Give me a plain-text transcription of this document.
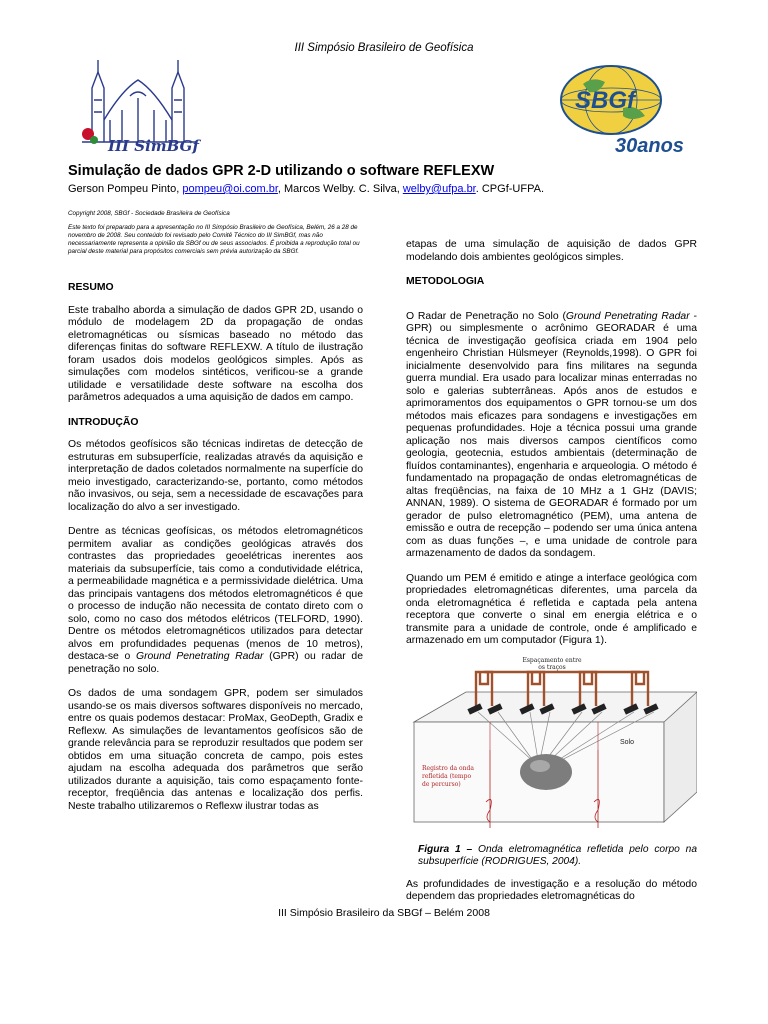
III Simpósio Brasileiro de Geofísica
III SimBGf
SBGf
30anos
Simulação de dados GPR 2-D utilizando o software REFLEXW
Gerson Pompeu Pinto, pompeu@oi.com.br, Marcos Welby. C. Silva, welby@ufpa.br. CPGf-UFPA.

Copyright 2008, SBGf - Sociedade Brasileira de Geofísica

Este texto foi preparado para a apresentação no III Simpósio Brasileiro de Geofísica, Belém, 26 a 28 de novembro de 2008. Seu conteúdo foi revisado pelo Comitê Técnico do III SimBGf, mas não necessariamente representa a opinião da SBGf ou de seus associados. É proibida a reprodução total ou parcial deste material para propósitos comerciais sem prévia autorização da SBGf.

RESUMO

Este trabalho aborda a simulação de dados GPR 2D, usando o módulo de modelagem 2D da propagação de ondas eletromagnéticas ou sísmicas baseado no método das diferenças finitas do software REFLEXW. A título de ilustração foram usados dois modelos geológicos simples. Após as simulações com modelos sintéticos, verificou-se a grande utilidade e versatilidade deste software na escolha dos parâmetros adequados a uma aquisição de dados em campo.

INTRODUÇÃO

Os métodos geofísicos são técnicas indiretas de detecção de estruturas em subsuperfície, realizadas através da aquisição e interpretação de dados coletados normalmente na superfície do meio investigado, caracterizando-se, portanto, como métodos não invasivos, ou seja, sem a necessidade de escavações para localização do alvo a ser investigado.

Dentre as técnicas geofísicas, os métodos eletromagnéticos permitem avaliar as condições geológicas através dos contrastes das propriedades geoelétricas inerentes aos materiais da subsuperfície, tais como a condutividade elétrica, a permeabilidade magnética e a permissividade dielétrica. Uma das principais vantagens dos métodos eletromagnéticos é que o processo de indução não necessita de contato direto com o solo, como no caso dos métodos elétricos (TELFORD, 1990). Dentre os métodos eletromagnéticos utilizados para detectar alvos em profundidades pequenas (menos de 10 metros), destaca-se o Ground Penetrating Radar (GPR) ou radar de penetração no solo.

Os dados de uma sondagem GPR, podem ser simulados usando-se os mais diversos softwares disponíveis no mercado, entre os quais podemos destacar: ProMax, GeoDepth, Gradix e Reflexw. As simulações de levantamentos geofísicos são de grande relevância para se reproduzir resultados que podem ser obtidos em uma situação concreta de campo, pois estes ajudam na escolha adequada dos parâmetros que serão utilizados durante a aquisição, tais como espaçamento fonte-receptor, freqüência das antenas e localização dos perfis. Neste trabalho utilizaremos o Reflexw ilustrar todas as

etapas de uma simulação de aquisição de dados GPR modelando dois ambientes geológicos simples.

METODOLOGIA

O Radar de Penetração no Solo (Ground Penetrating Radar - GPR) ou simplesmente o acrônimo GEORADAR é uma técnica de investigação geofísica criada em 1904 pelo engenheiro Christian Hülsmeyer (Reynolds,1998). O GPR foi inicialmente desenvolvido para fins militares na segunda guerra mundial. Era usado para localizar minas enterradas no solo e galerias subterrâneas. Após anos de estudos e aprimoramentos dos equipamentos o GPR tornou-se um dos métodos mais eficazes para sondagens e investigações em pequenas profundidades. Hoje a técnica possui uma grande aplicação nos mais diversos campos científicos como geologia, geotecnia, estudos ambientais (determinação de fluídos contaminantes), engenharia e arqueologia. O método é fundamentado na propagação de ondas eletromagnéticas de altas freqüências, na faixa de 10 MHz a 1 GHz (DAVIS; ANNAN, 1989). O sistema de GEORADAR é formado por um gerador de pulso eletromagnético (PEM), uma antena de emissão e outra de recepção – podendo ser uma única antena com as duas funções –, e uma unidade de controle para armazenamento de dados da sondagem.

Quando um PEM é emitido e atinge a interface geológica com propriedades eletromagnéticas diferentes, uma parcela da onda eletromagnética é refletida e captada pela antena receptora que converte o sinal em energia elétrica e o transmite para a unidade de controle, onde é amplificado e armazenado em um computador (Figura 1).

Espaçamento entre
os traços
Solo
Registro da onda
refletida (tempo
de percurso)
Figura 1 – Onda eletromagnética refletida pelo corpo na subsuperfície (RODRIGUES, 2004).

As profundidades de investigação e a resolução do método dependem das propriedades eletromagnéticas do

III Simpósio Brasileiro da SBGf – Belém 2008
